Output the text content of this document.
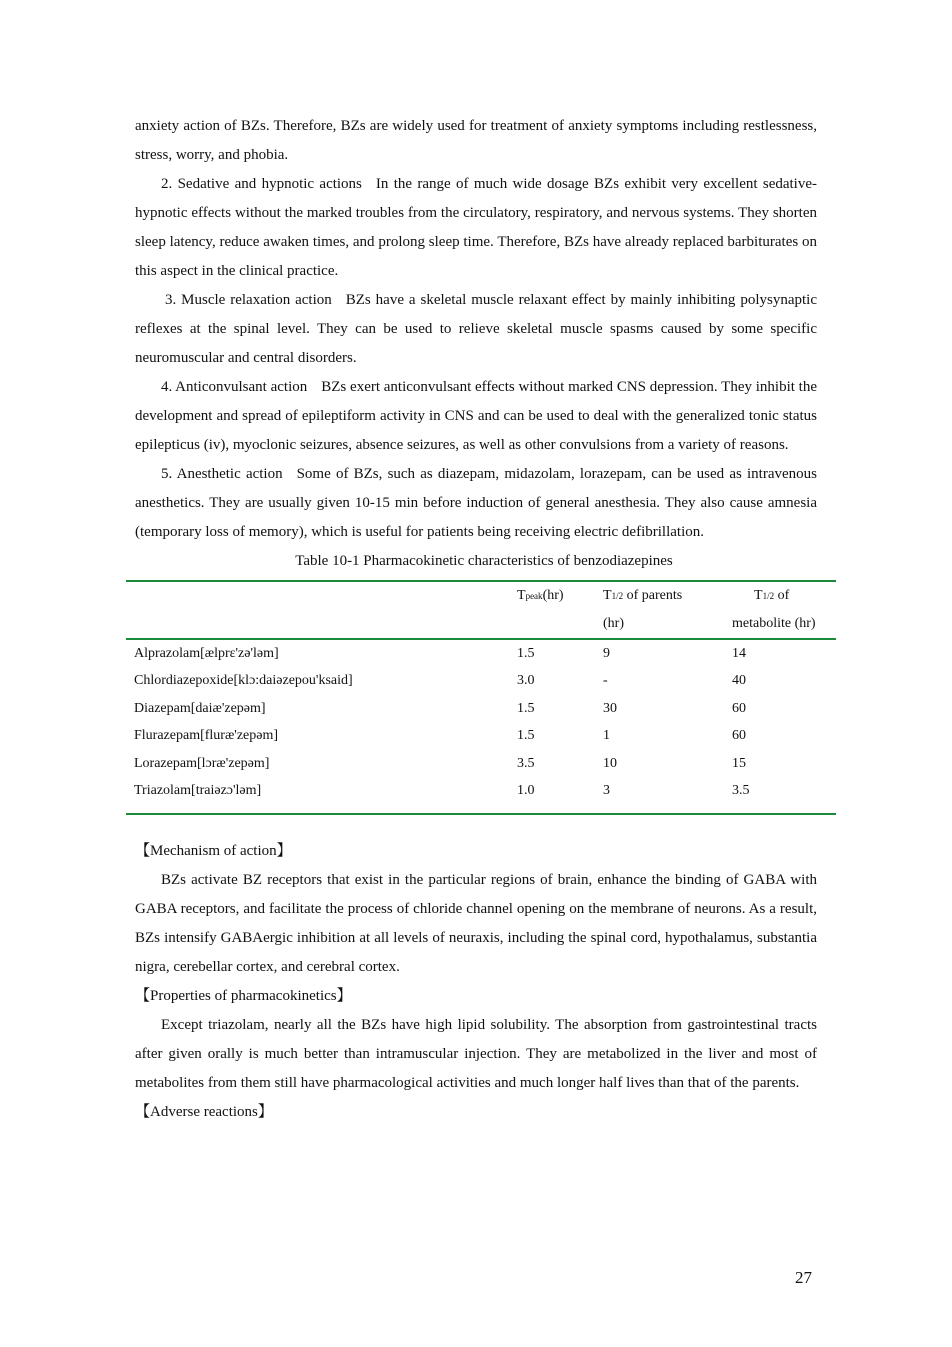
anxiety action of BZs. Therefore, BZs are widely used for treatment of anxiety symptoms including restlessness, stress, worry, and phobia.

2. Sedative and hypnotic actions In the range of much wide dosage BZs exhibit very excellent sedative-hypnotic effects without the marked troubles from the circulatory, respiratory, and nervous systems. They shorten sleep latency, reduce awaken times, and prolong sleep time. Therefore, BZs have already replaced barbiturates on this aspect in the clinical practice.

3. Muscle relaxation action BZs have a skeletal muscle relaxant effect by mainly inhibiting polysynaptic reflexes at the spinal level. They can be used to relieve skeletal muscle spasms caused by some specific neuromuscular and central disorders.

4. Anticonvulsant action BZs exert anticonvulsant effects without marked CNS depression. They inhibit the development and spread of epileptiform activity in CNS and can be used to deal with the generalized tonic status epilepticus (iv), myoclonic seizures, absence seizures, as well as other convulsions from a variety of reasons.

5. Anesthetic action Some of BZs, such as diazepam, midazolam, lorazepam, can be used as intravenous anesthetics. They are usually given 10-15 min before induction of general anesthesia. They also cause amnesia (temporary loss of memory), which is useful for patients being receiving electric defibrillation.

Table 10-1 Pharmacokinetic characteristics of benzodiazepines

	Tpeak(hr)	T1/2 of parents	T1/2 of
		(hr)	metabolite (hr)
Alprazolam[ælprɛ'zə'ləm]	1.5	9	14
Chlordiazepoxide[klɔ:daiəzepou'ksaid]	3.0	-	40
Diazepam[daiæ'zepəm]	1.5	30	60
Flurazepam[fluræ'zepəm]	1.5	1	60
Lorazepam[lɔræ'zepəm]	3.5	10	15
Triazolam[traiəzɔ'ləm]	1.0	3	3.5

【Mechanism of action】

BZs activate BZ receptors that exist in the particular regions of brain, enhance the binding of GABA with GABA receptors, and facilitate the process of chloride channel opening on the membrane of neurons. As a result, BZs intensify GABAergic inhibition at all levels of neuraxis, including the spinal cord, hypothalamus, substantia nigra, cerebellar cortex, and cerebral cortex.

【Properties of pharmacokinetics】

Except triazolam, nearly all the BZs have high lipid solubility. The absorption from gastrointestinal tracts after given orally is much better than intramuscular injection. They are metabolized in the liver and most of metabolites from them still have pharmacological activities and much longer half lives than that of the parents.

【Adverse reactions】

27
